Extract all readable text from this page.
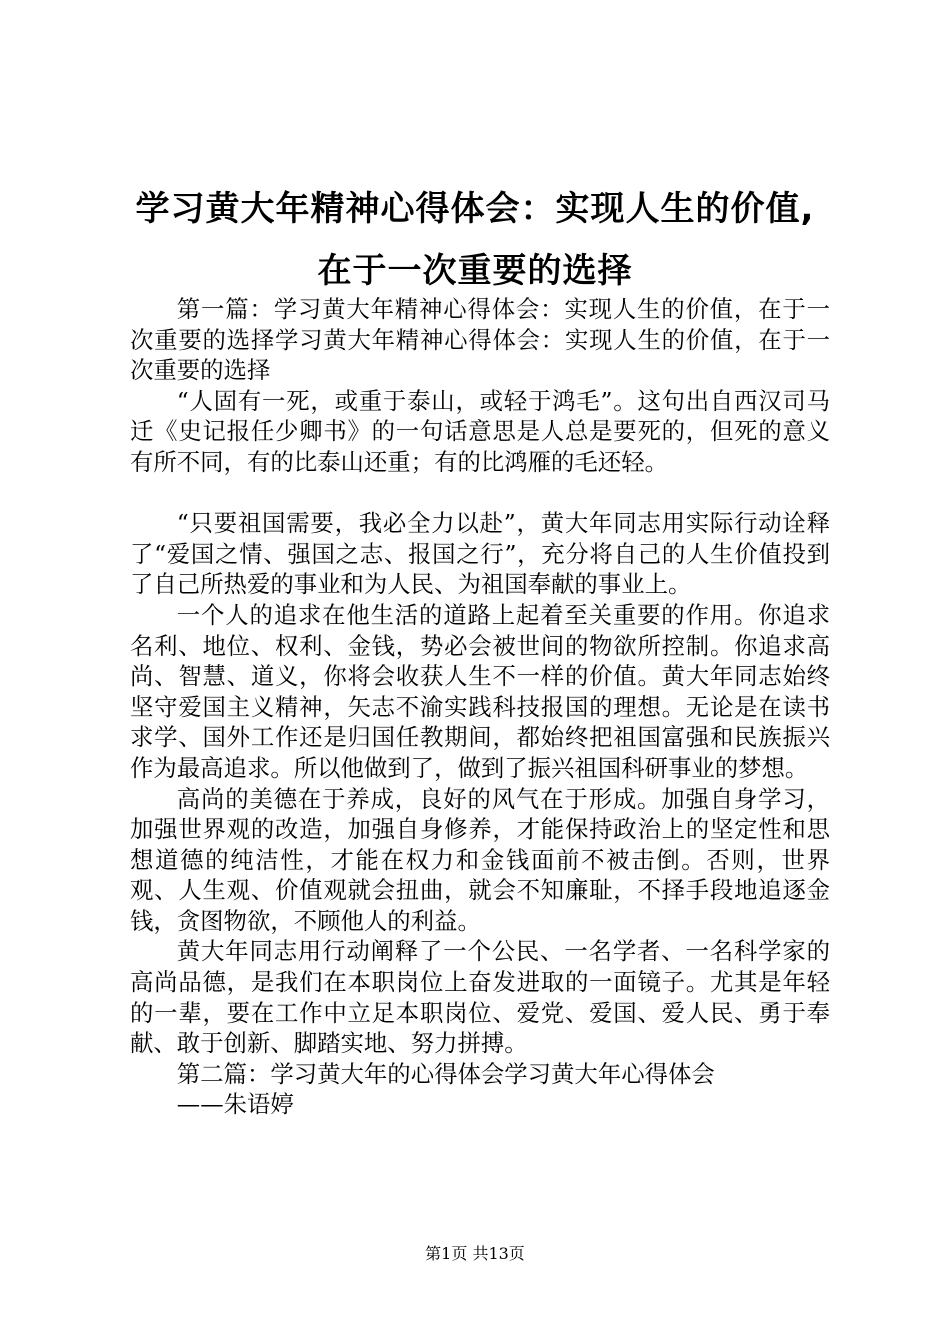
学习黄大年精神心得体会：实现人生的价值,
在于一次重要的选择

第一篇：学习黄大年精神心得体会：实现人生的价值，在于一次重要的选择学习黄大年精神心得体会：实现人生的价值，在于一次重要的选择

“人固有一死，或重于泰山，或轻于鸿毛”。这句出自西汉司马迁《史记报任少卿书》的一句话意思是人总是要死的，但死的意义有所不同，有的比泰山还重；有的比鸿雁的毛还轻。

“只要祖国需要，我必全力以赴”，黄大年同志用实际行动诠释了“爱国之情、强国之志、报国之行”，充分将自己的人生价值投到了自己所热爱的事业和为人民、为祖国奉献的事业上。

一个人的追求在他生活的道路上起着至关重要的作用。你追求名利、地位、权利、金钱，势必会被世间的物欲所控制。你追求高尚、智慧、道义，你将会收获人生不一样的价值。黄大年同志始终坚守爱国主义精神，矢志不渝实践科技报国的理想。无论是在读书求学、国外工作还是归国任教期间，都始终把祖国富强和民族振兴作为最高追求。所以他做到了，做到了振兴祖国科研事业的梦想。

高尚的美德在于养成，良好的风气在于形成。加强自身学习，加强世界观的改造，加强自身修养，才能保持政治上的坚定性和思想道德的纯洁性，才能在权力和金钱面前不被击倒。否则，世界观、人生观、价值观就会扭曲，就会不知廉耻，不择手段地追逐金钱，贪图物欲，不顾他人的利益。

黄大年同志用行动阐释了一个公民、一名学者、一名科学家的高尚品德，是我们在本职岗位上奋发进取的一面镜子。尤其是年轻的一辈，要在工作中立足本职岗位、爱党、爱国、爱人民、勇于奉献、敢于创新、脚踏实地、努力拼搏。

第二篇：学习黄大年的心得体会学习黄大年心得体会

——朱语婷

第1页 共13页
